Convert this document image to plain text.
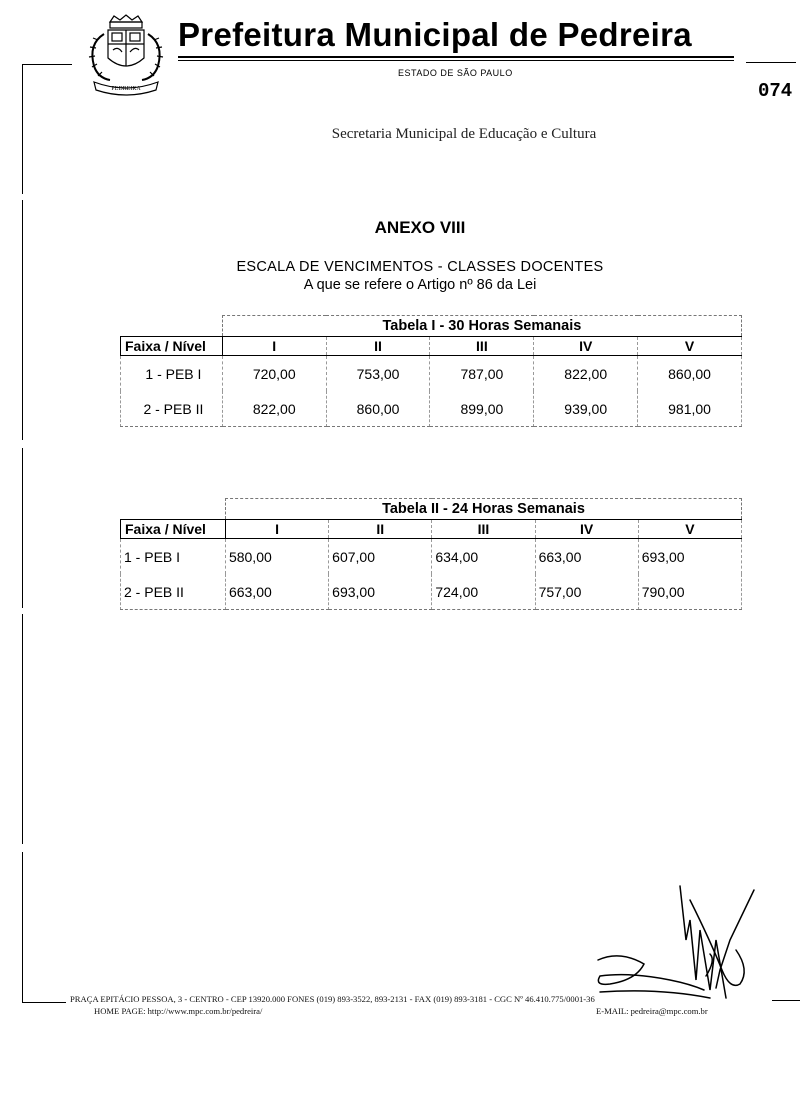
PEDREIRA
Prefeitura Municipal de Pedreira
ESTADO DE SÃO PAULO
074
Secretaria Municipal de Educação e Cultura
ANEXO VIII
ESCALA DE VENCIMENTOS - CLASSES DOCENTES
A que se refere o Artigo nº 86 da Lei
	Tabela I - 30 Horas Semanais				
Faixa / Nível	I	II	III	IV	V
1 - PEB I	720,00	753,00	787,00	822,00	860,00
2 - PEB II	822,00	860,00	899,00	939,00	981,00
	Tabela II - 24 Horas Semanais				
Faixa / Nível	I	II	III	IV	V
1 - PEB I	580,00	607,00	634,00	663,00	693,00
2 - PEB II	663,00	693,00	724,00	757,00	790,00
PRAÇA EPITÁCIO PESSOA, 3 - CENTRO - CEP 13920.000 FONES (019) 893-3522, 893-2131 - FAX (019) 893-3181 - CGC Nº 46.410.775/0001-36
HOME PAGE: http://www.mpc.com.br/pedreira/	E-MAIL: pedreira@mpc.com.br
